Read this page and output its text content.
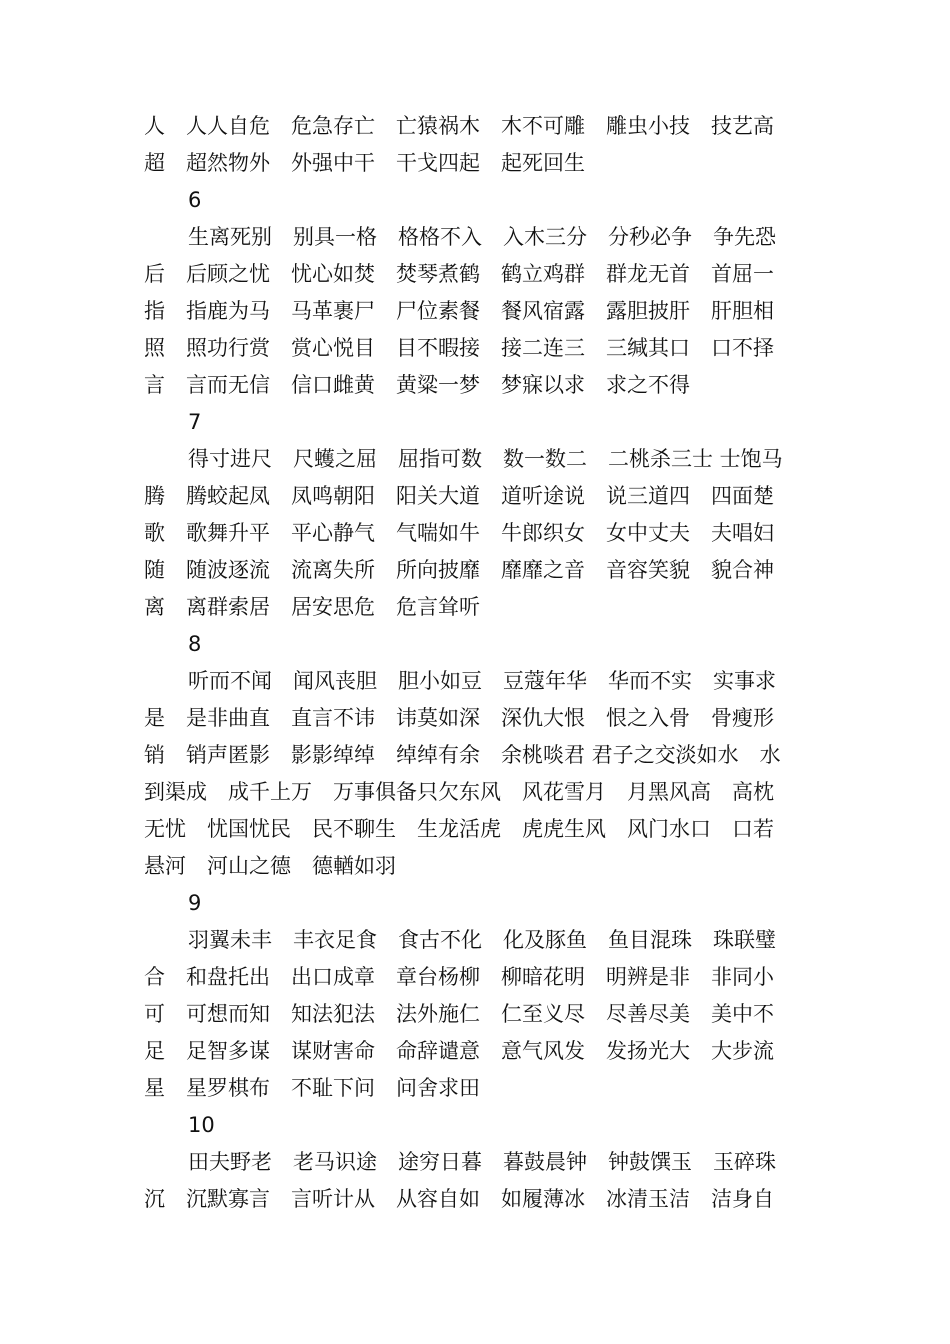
人　人人自危　危急存亡　亡猿祸木　木不可雕　雕虫小技　技艺高
超　超然物外　外强中干　干戈四起　起死回生
6
生离死别　别具一格　格格不入　入木三分　分秒必争　争先恐
后　后顾之忧　忧心如焚　焚琴煮鹤　鹤立鸡群　群龙无首　首屈一
指　指鹿为马　马革裹尸　尸位素餐　餐风宿露　露胆披肝　肝胆相
照　照功行赏　赏心悦目　目不暇接　接二连三　三缄其口　口不择
言　言而无信　信口雌黄　黄粱一梦　梦寐以求　求之不得
7
得寸进尺　尺蠖之屈　屈指可数　数一数二　二桃杀三士 士饱马
腾　腾蛟起凤　凤鸣朝阳　阳关大道　道听途说　说三道四　四面楚
歌　歌舞升平　平心静气　气喘如牛　牛郎织女　女中丈夫　夫唱妇
随　随波逐流　流离失所　所向披靡　靡靡之音　音容笑貌　貌合神
离　离群索居　居安思危　危言耸听
8
听而不闻　闻风丧胆　胆小如豆　豆蔻年华　华而不实　实事求
是　是非曲直　直言不讳　讳莫如深　深仇大恨　恨之入骨　骨瘦形
销　销声匿影　影影绰绰　绰绰有余　余桃啖君 君子之交淡如水　水
到渠成　成千上万　万事俱备只欠东风　风花雪月　月黑风高　高枕
无忧　忧国忧民　民不聊生　生龙活虎　虎虎生风　风门水口　口若
悬河　河山之德　德輶如羽
9
羽翼未丰　丰衣足食　食古不化　化及豚鱼　鱼目混珠　珠联璧
合　和盘托出　出口成章　章台杨柳　柳暗花明　明辨是非　非同小
可　可想而知　知法犯法　法外施仁　仁至义尽　尽善尽美　美中不
足　足智多谋　谋财害命　命辞谴意　意气风发　发扬光大　大步流
星　星罗棋布　不耻下问　问舍求田
10
田夫野老　老马识途　途穷日暮　暮鼓晨钟　钟鼓馔玉　玉碎珠
沉　沉默寡言　言听计从　从容自如　如履薄冰　冰清玉洁　洁身自
